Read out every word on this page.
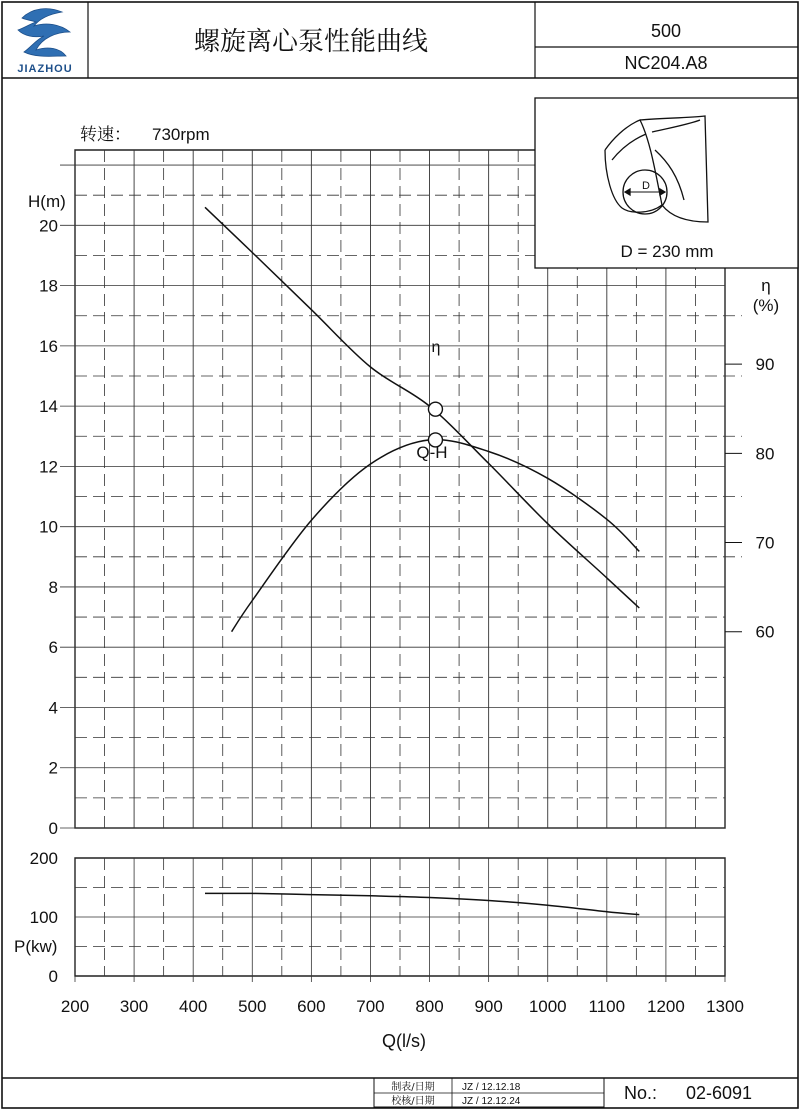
JIAZHOU
螺旋离心泵性能曲线	500
NC204.A8
0
2
4
6
8
10
12
14
16
18
20
60
70
80
90
0
100
200
200 300 400 500 600 700 800 900 1000 1100 1200 1300
D
D = 230 mm
转速： 730rpm
H(m)
η
(%)
P(kw)
Q(l/s)
η
Q-H
制表/日期	JZ / 12.12.18
校核/日期	JZ / 12.12.24	No.: 02-6091
